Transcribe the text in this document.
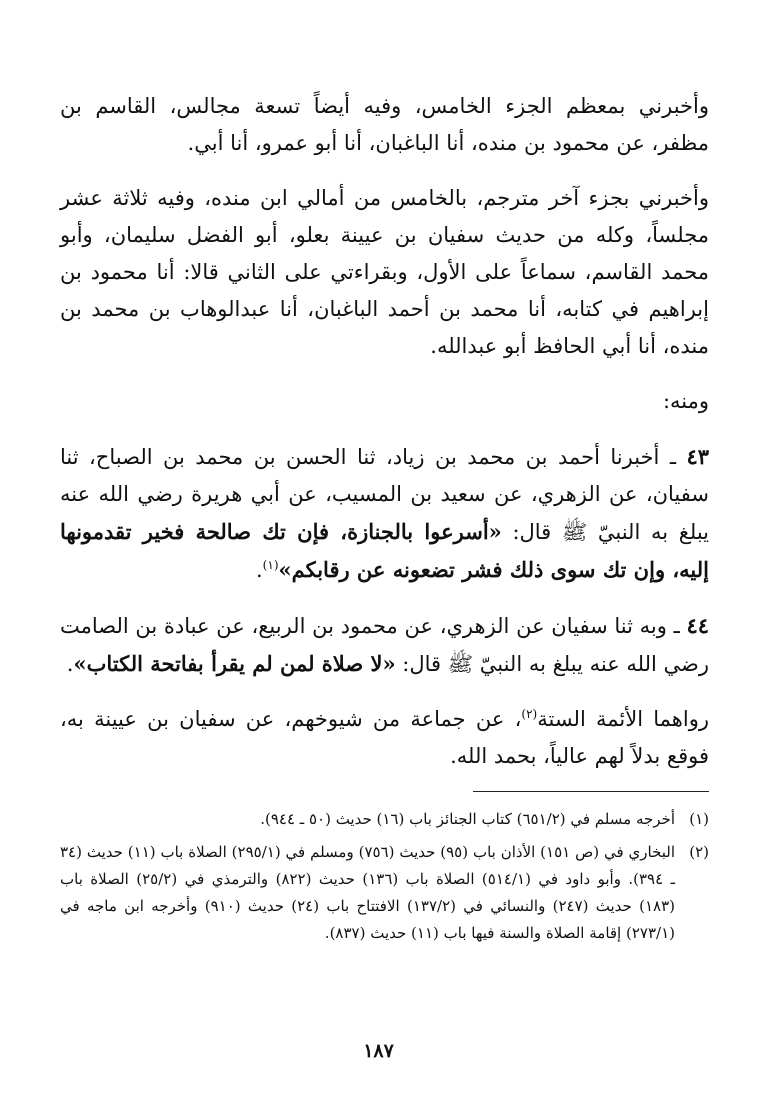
وأخبرني بمعظم الجزء الخامس، وفيه أيضاً تسعة مجالس، القاسم بن مظفر، عن محمود بن منده، أنا الباغبان، أنا أبو عمرو، أنا أبي.

وأخبرني بجزء آخر مترجم، بالخامس من أمالي ابن منده، وفيه ثلاثة عشر مجلساً، وكله من حديث سفيان بن عيينة بعلو، أبو الفضل سليمان، وأبو محمد القاسم، سماعاً على الأول، وبقراءتي على الثاني قالا: أنا محمود بن إبراهيم في كتابه، أنا محمد بن أحمد الباغبان، أنا عبدالوهاب بن محمد بن منده، أنا أبي الحافظ أبو عبدالله.

ومنه:

٤٣ ـ أخبرنا أحمد بن محمد بن زياد، ثنا الحسن بن محمد بن الصباح، ثنا سفيان، عن الزهري، عن سعيد بن المسيب، عن أبي هريرة رضي الله عنه يبلغ به النبيّ ﷺ قال: «أسرعوا بالجنازة، فإن تك صالحة فخير تقدمونها إليه، وإن تك سوى ذلك فشر تضعونه عن رقابكم»$^{(١)}$.

٤٤ ـ وبه ثنا سفيان عن الزهري، عن محمود بن الربيع، عن عبادة بن الصامت رضي الله عنه يبلغ به النبيّ ﷺ قال: «لا صلاة لمن لم يقرأ بفاتحة الكتاب».

رواهما الأئمة الستة$^{(٢)}$، عن جماعة من شيوخهم، عن سفيان بن عيينة به، فوقع بدلاً لهم عالياً، بحمد الله.

(١)
أخرجه مسلم في (٦٥١/٢) كتاب الجنائز باب (١٦) حديث (٥٠ ـ ٩٤٤).
(٢)
البخاري في (ص ١٥١) الأذان باب (٩٥) حديث (٧٥٦) ومسلم في (٢٩٥/١) الصلاة باب (١١) حديث (٣٤ ـ ٣٩٤). وأبو داود في (٥١٤/١) الصلاة باب (١٣٦) حديث (٨٢٢) والترمذي في (٢٥/٢) الصلاة باب (١٨٣) حديث (٢٤٧) والنسائي في (١٣٧/٢) الافتتاح باب (٢٤) حديث (٩١٠) وأخرجه ابن ماجه في (٢٧٣/١) إقامة الصلاة والسنة فيها باب (١١) حديث (٨٣٧).
١٨٧
